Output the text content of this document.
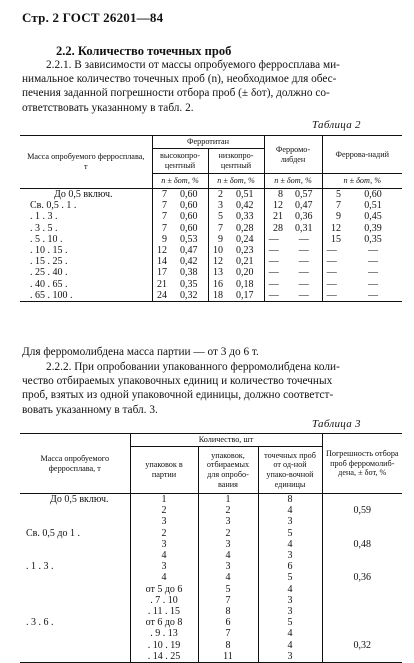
Стр. 2 ГОСТ 26201—84
2.2. Количество точечных проб
2.2.1. В зависимости от массы опробуемого ферросплава ми-
нимальное количество точечных проб (n), необходимое для обес-
печения заданной погрешности отбора проб (± δот), должно со-
ответствовать указанному в табл. 2.
Таблица 2
Масса опробуемого ферросплава, т	Ферротитан				Ферромо-либден		Феррова-надий	
	высокопро-центный		низкопро-центный					
	n ± δот, %		n ± δот, %		n ± δот, %		n ± δот, %	
До 0,5 включ.	7	0,60	2	0,51	8	0,57	5	0,60
Св. 0,5 . 1 .	7	0,60	3	0,42	12	0,47	7	0,51
. 1 . 3 .	7	0,60	5	0,33	21	0,36	9	0,45
. 3 . 5 .	7	0,60	7	0,28	28	0,31	12	0,39
. 5 . 10 .	9	0,53	9	0,24	—	—	15	0,35
. 10 . 15 .	12	0,47	10	0,23	—	—	—	—
. 15 . 25 .	14	0,42	12	0,21	—	—	—	—
. 25 . 40 .	17	0,38	13	0,20	—	—	—	—
. 40 . 65 .	21	0,35	16	0,18	—	—	—	—
. 65 . 100 .	24	0,32	18	0,17	—	—	—	—
Для ферромолибдена масса партии — от 3 до 6 т.
2.2.2. При опробовании упакованного ферромолибдена коли-
чество отбираемых упаковочных единиц и количество точечных
проб, взятых из одной упаковочной единицы, должно соответст-
вовать указанному в табл. 3.
Таблица 3
Масса опробуемого ферросплава, т	Количество, шт			Погрешность отбора проб ферромолиб-дена, ± δот, %
	упаковок в партии	упаковок, отбираемых для опробо-вания	точечных проб от од-ной упако-вочной единицы	
До 0,5 включ.	1	1	8	
	2	2	4	0,59
	3	3	3	
Св. 0,5 до 1 .	2	2	5	
	3	3	4	0,48
	4	4	3	
. 1 . 3 .	3	3	6	
	4	4	5	0,36
	от 5 до 6	5	4	
	. 7 . 10	7	3	
	. 11 . 15	8	3	
. 3 . 6 .	от 6 до 8	6	5	
	. 9 . 13	7	4	
	. 10 . 19	8	4	0,32
	. 14 . 25	11	3	
